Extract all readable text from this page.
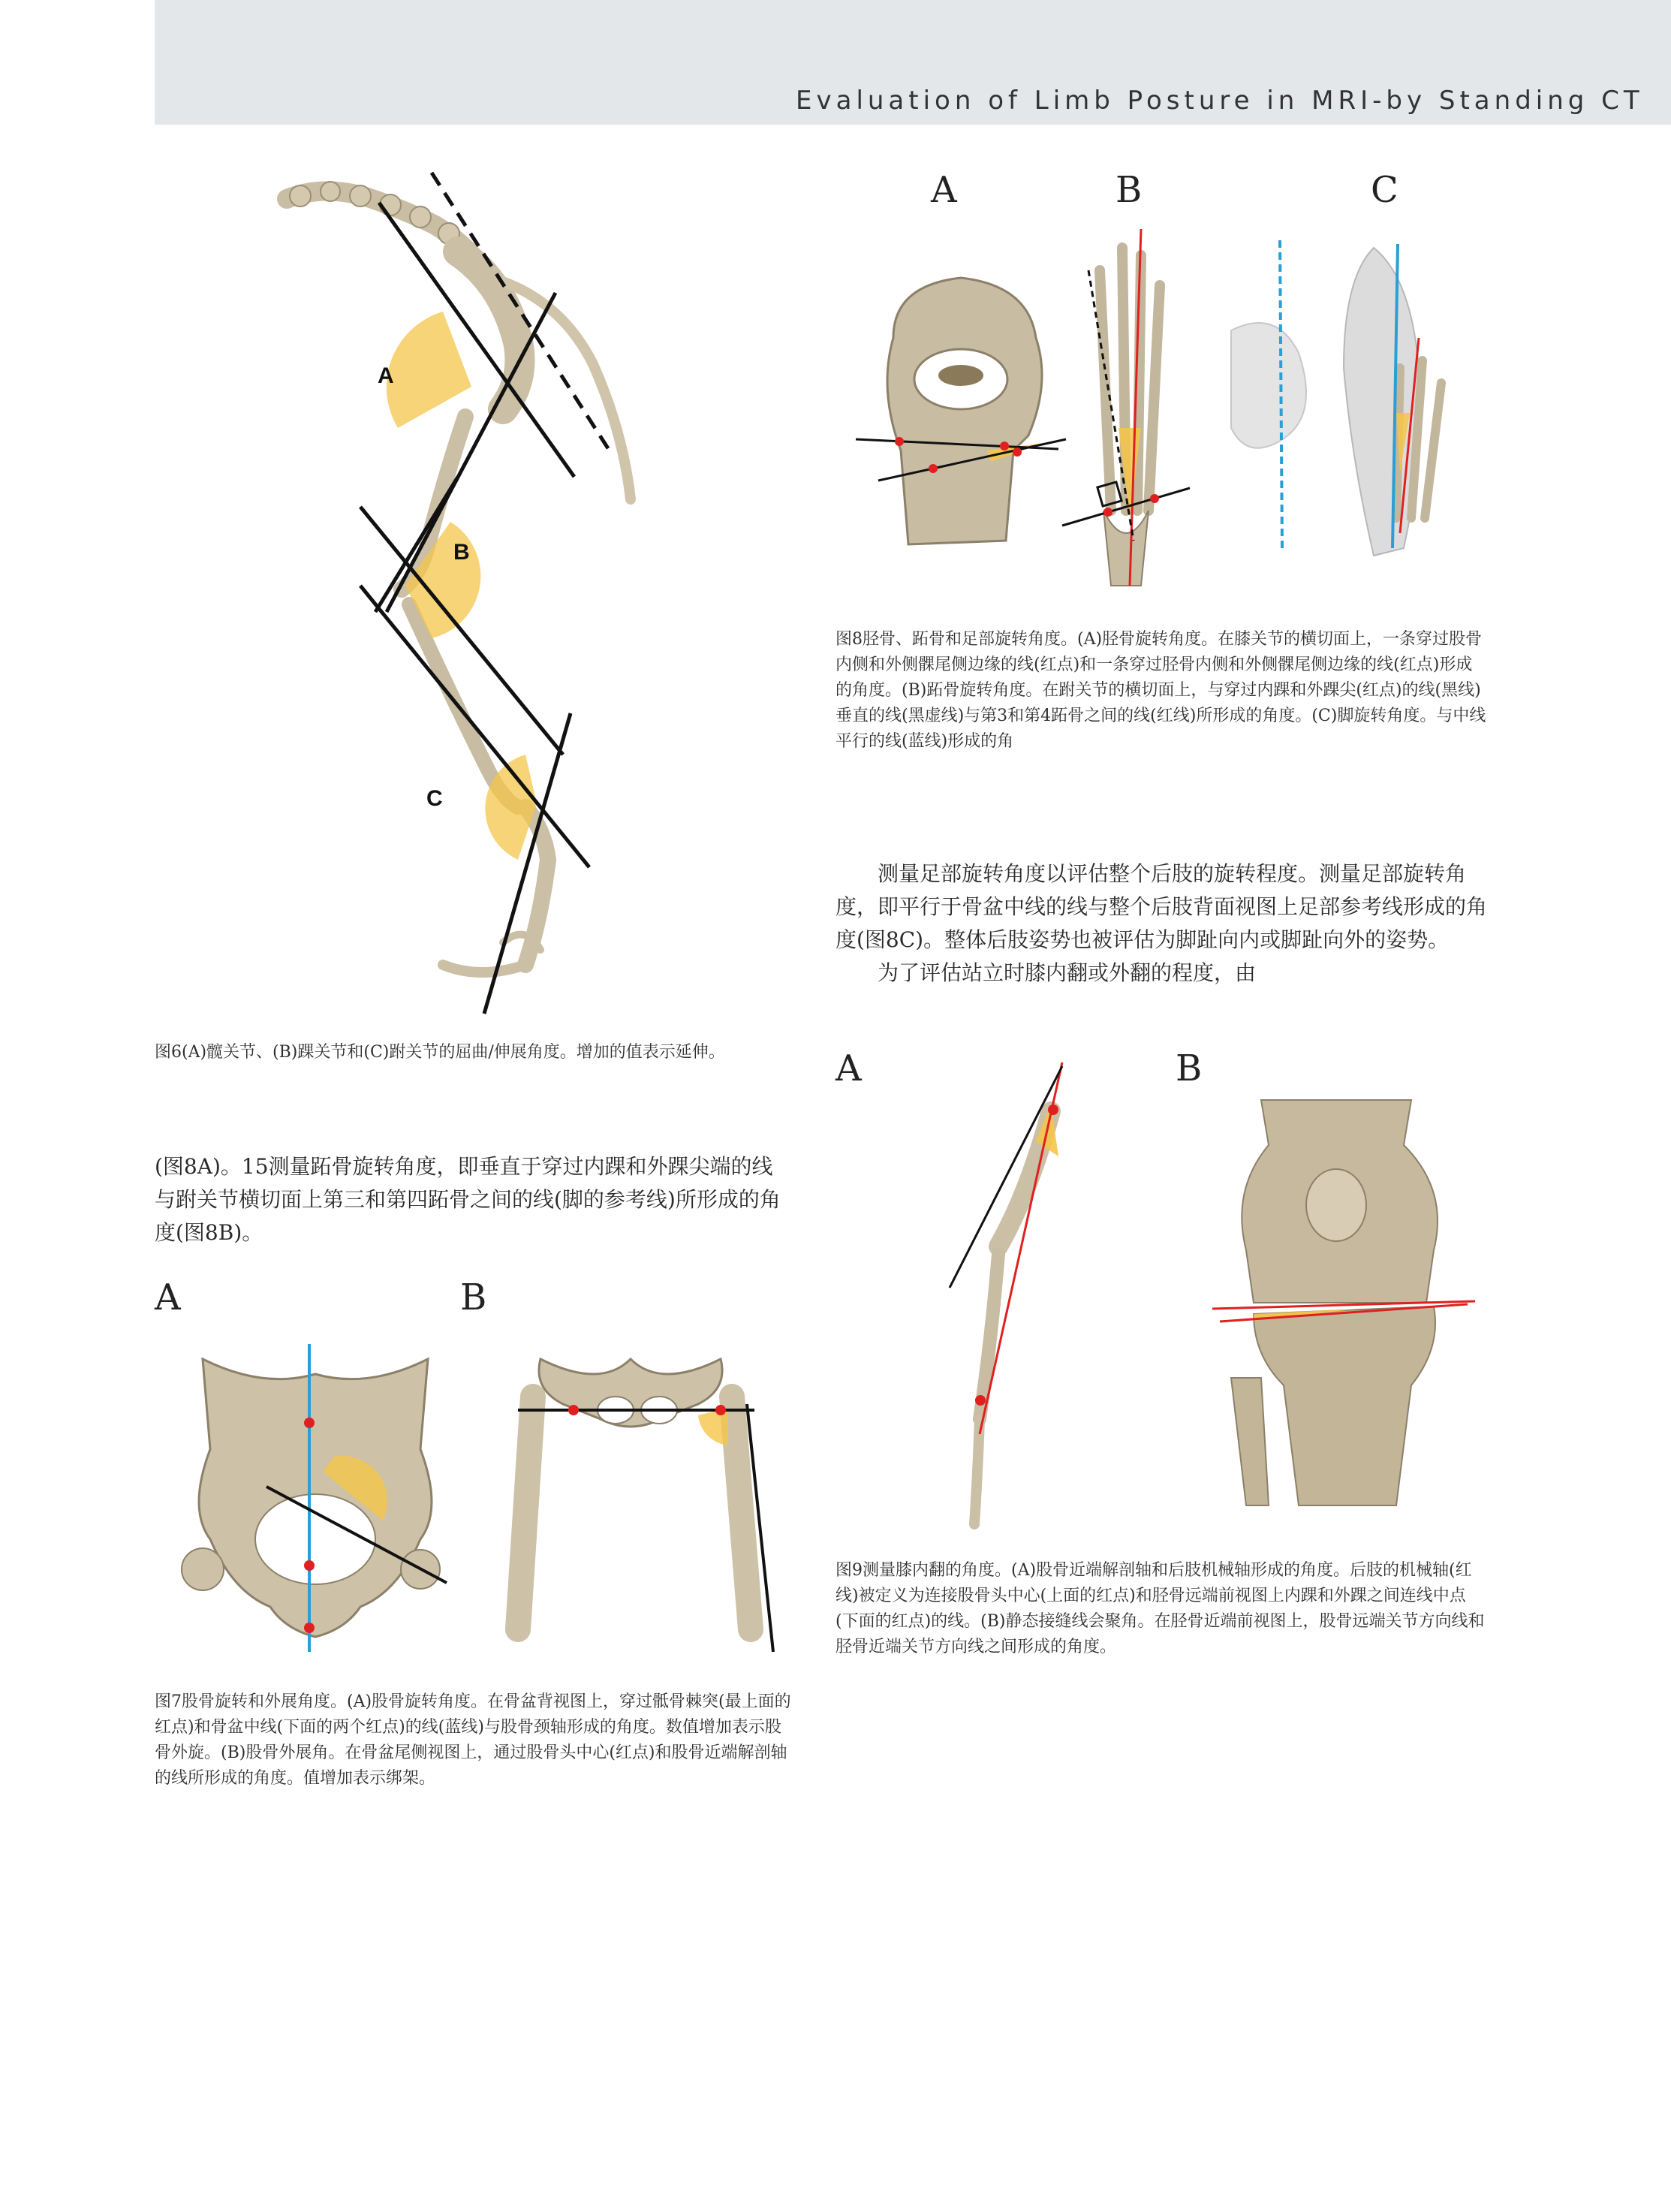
Evaluation of Limb Posture in MRI-by Standing CT
A
B
C
图6(A)髋关节、(B)踝关节和(C)跗关节的屈曲/伸展角度。增加的值表示延伸。

(图8A)。15测量跖骨旋转角度，即垂直于穿过内踝和外踝尖端的线与跗关节横切面上第三和第四跖骨之间的线(脚的参考线)所形成的角度(图8B)。

A	B
图7股骨旋转和外展角度。(A)股骨旋转角度。在骨盆背视图上，穿过骶骨棘突(最上面的红点)和骨盆中线(下面的两个红点)的线(蓝线)与股骨颈轴形成的角度。数值增加表示股骨外旋。(B)股骨外展角。在骨盆尾侧视图上，通过股骨头中心(红点)和股骨近端解剖轴的线所形成的角度。值增加表示绑架。
A	B	C
图8胫骨、跖骨和足部旋转角度。(A)胫骨旋转角度。在膝关节的横切面上，一条穿过股骨内侧和外侧髁尾侧边缘的线(红点)和一条穿过胫骨内侧和外侧髁尾侧边缘的线(红点)形成的角度。(B)跖骨旋转角度。在跗关节的横切面上，与穿过内踝和外踝尖(红点)的线(黑线)垂直的线(黑虚线)与第3和第4跖骨之间的线(红线)所形成的角度。(C)脚旋转角度。与中线平行的线(蓝线)形成的角

测量足部旋转角度以评估整个后肢的旋转程度。测量足部旋转角度，即平行于骨盆中线的线与整个后肢背面视图上足部参考线形成的角度(图8C)。整体后肢姿势也被评估为脚趾向内或脚趾向外的姿势。

为了评估站立时膝内翻或外翻的程度，由

A	B
图9测量膝内翻的角度。(A)股骨近端解剖轴和后肢机械轴形成的角度。后肢的机械轴(红线)被定义为连接股骨头中心(上面的红点)和胫骨远端前视图上内踝和外踝之间连线中点(下面的红点)的线。(B)静态接缝线会聚角。在胫骨近端前视图上，股骨远端关节方向线和胫骨近端关节方向线之间形成的角度。
